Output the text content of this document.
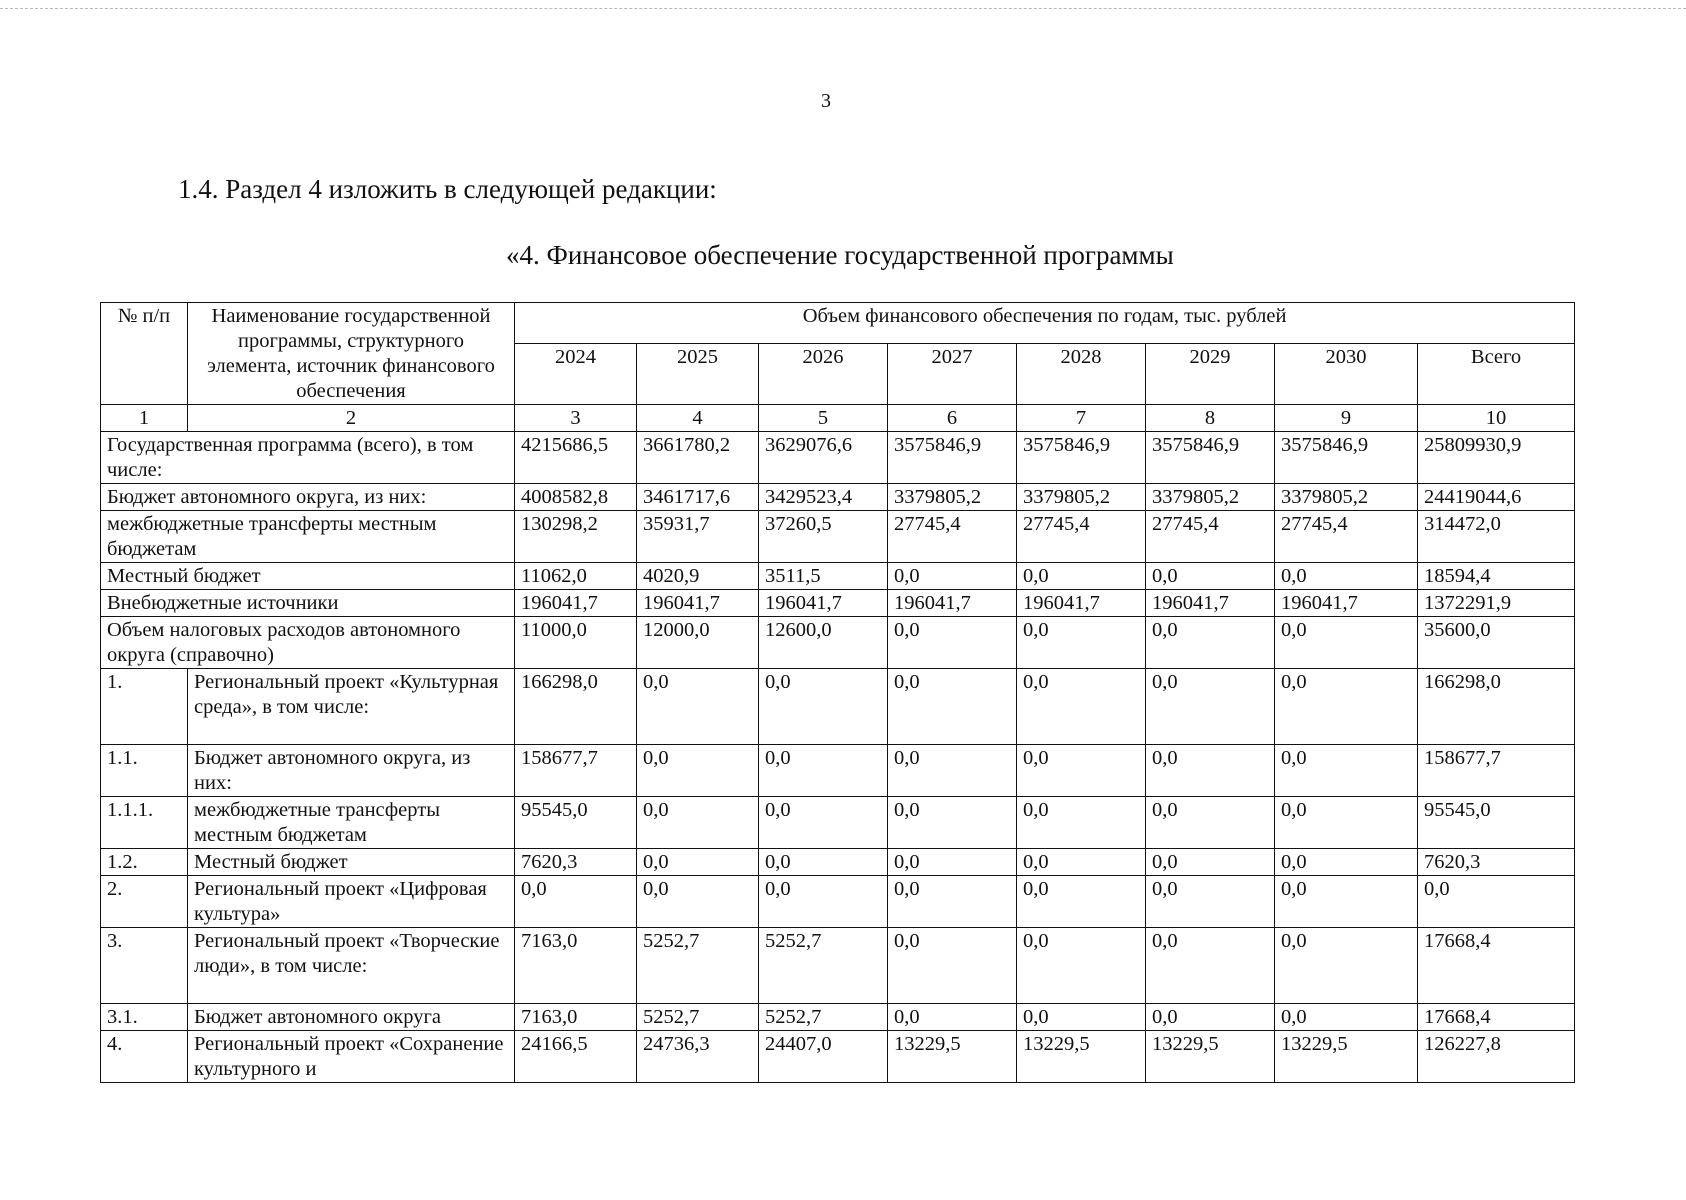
3
1.4. Раздел 4 изложить в следующей редакции:
«4. Финансовое обеспечение государственной программы
№ п/п	Наименование государственной программы, структурного элемента, источник финансового обеспечения	Объем финансового обеспечения по годам, тыс. рублей							
		2024	2025	2026	2027	2028	2029	2030	Всего
1	2	3	4	5	6	7	8	9	10
Государственная программа (всего), в том числе:		4215686,5	3661780,2	3629076,6	3575846,9	3575846,9	3575846,9	3575846,9	25809930,9
Бюджет автономного округа, из них:		4008582,8	3461717,6	3429523,4	3379805,2	3379805,2	3379805,2	3379805,2	24419044,6
межбюджетные трансферты местным бюджетам		130298,2	35931,7	37260,5	27745,4	27745,4	27745,4	27745,4	314472,0
Местный бюджет		11062,0	4020,9	3511,5	0,0	0,0	0,0	0,0	18594,4
Внебюджетные источники		196041,7	196041,7	196041,7	196041,7	196041,7	196041,7	196041,7	1372291,9
Объем налоговых расходов автономного округа (справочно)		11000,0	12000,0	12600,0	0,0	0,0	0,0	0,0	35600,0
1.	Региональный проект «Культурная среда», в том числе:	166298,0	0,0	0,0	0,0	0,0	0,0	0,0	166298,0
1.1.	Бюджет автономного округа, из них:	158677,7	0,0	0,0	0,0	0,0	0,0	0,0	158677,7
1.1.1.	межбюджетные трансферты местным бюджетам	95545,0	0,0	0,0	0,0	0,0	0,0	0,0	95545,0
1.2.	Местный бюджет	7620,3	0,0	0,0	0,0	0,0	0,0	0,0	7620,3
2.	Региональный проект «Цифровая культура»	0,0	0,0	0,0	0,0	0,0	0,0	0,0	0,0
3.	Региональный проект «Творческие люди», в том числе:	7163,0	5252,7	5252,7	0,0	0,0	0,0	0,0	17668,4
3.1.	Бюджет автономного округа	7163,0	5252,7	5252,7	0,0	0,0	0,0	0,0	17668,4
4.	Региональный проект «Сохранение культурного и	24166,5	24736,3	24407,0	13229,5	13229,5	13229,5	13229,5	126227,8
